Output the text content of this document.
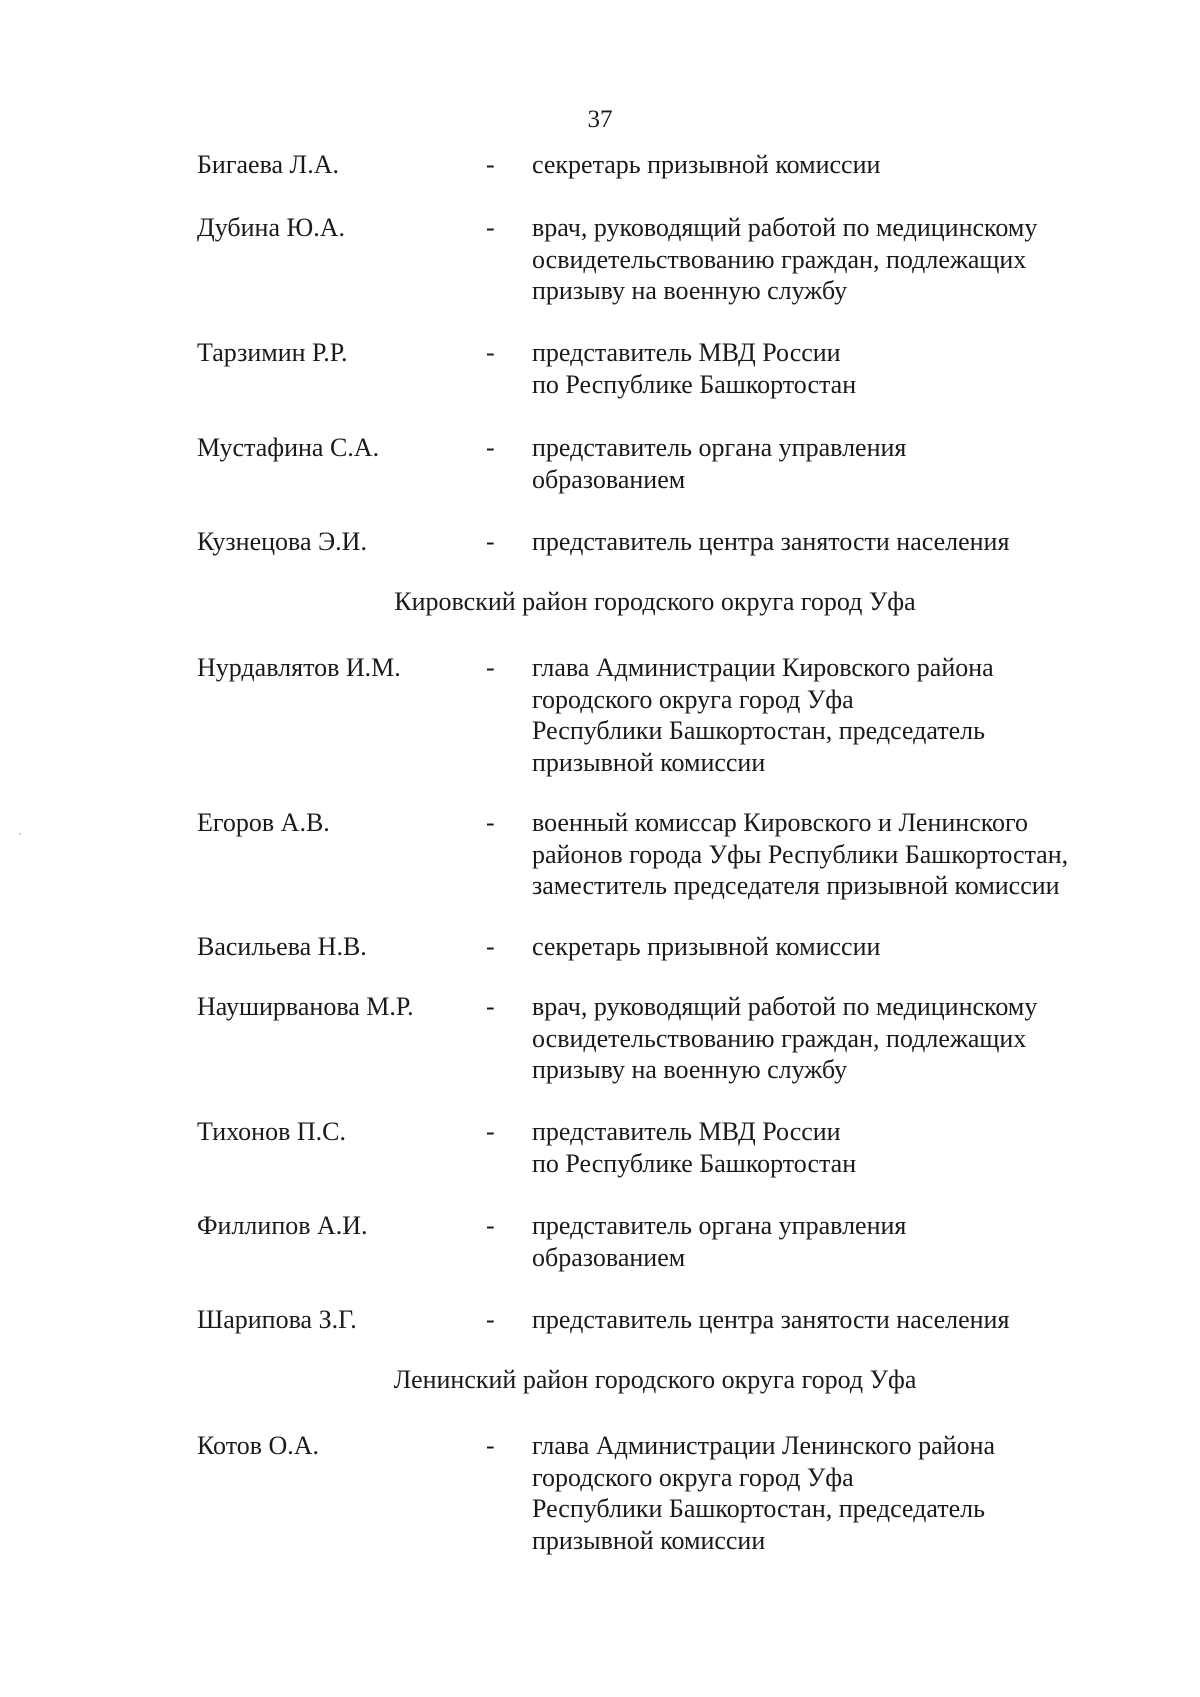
37
Бигаева Л.А.	- секретарь призывной комиссии
Дубина Ю.А.	- врач, руководящий работой по медицинскому
освидетельствованию граждан, подлежащих
призыву на военную службу
Тарзимин Р.Р.	- представитель МВД России
по Республике Башкортостан
Мустафина С.А.	- представитель органа управления
образованием
Кузнецова Э.И.	- представитель центра занятости населения
Кировский район городского округа город Уфа
Нурдавлятов И.М.	- глава Администрации Кировского района
городского округа город Уфа
Республики Башкортостан, председатель
призывной комиссии
Егоров А.В.	- военный комиссар Кировского и Ленинского
районов города Уфы Республики Башкортостан,
заместитель председателя призывной комиссии
Васильева Н.В.	- секретарь призывной комиссии
Науширванова М.Р.	- врач, руководящий работой по медицинскому
освидетельствованию граждан, подлежащих
призыву на военную службу
Тихонов П.С.	- представитель МВД России
по Республике Башкортостан
Филлипов А.И.	- представитель органа управления
образованием
Шарипова З.Г.	- представитель центра занятости населения
Ленинский район городского округа город Уфа
Котов О.А.	- глава Администрации Ленинского района
городского округа город Уфа
Республики Башкортостан, председатель
призывной комиссии
